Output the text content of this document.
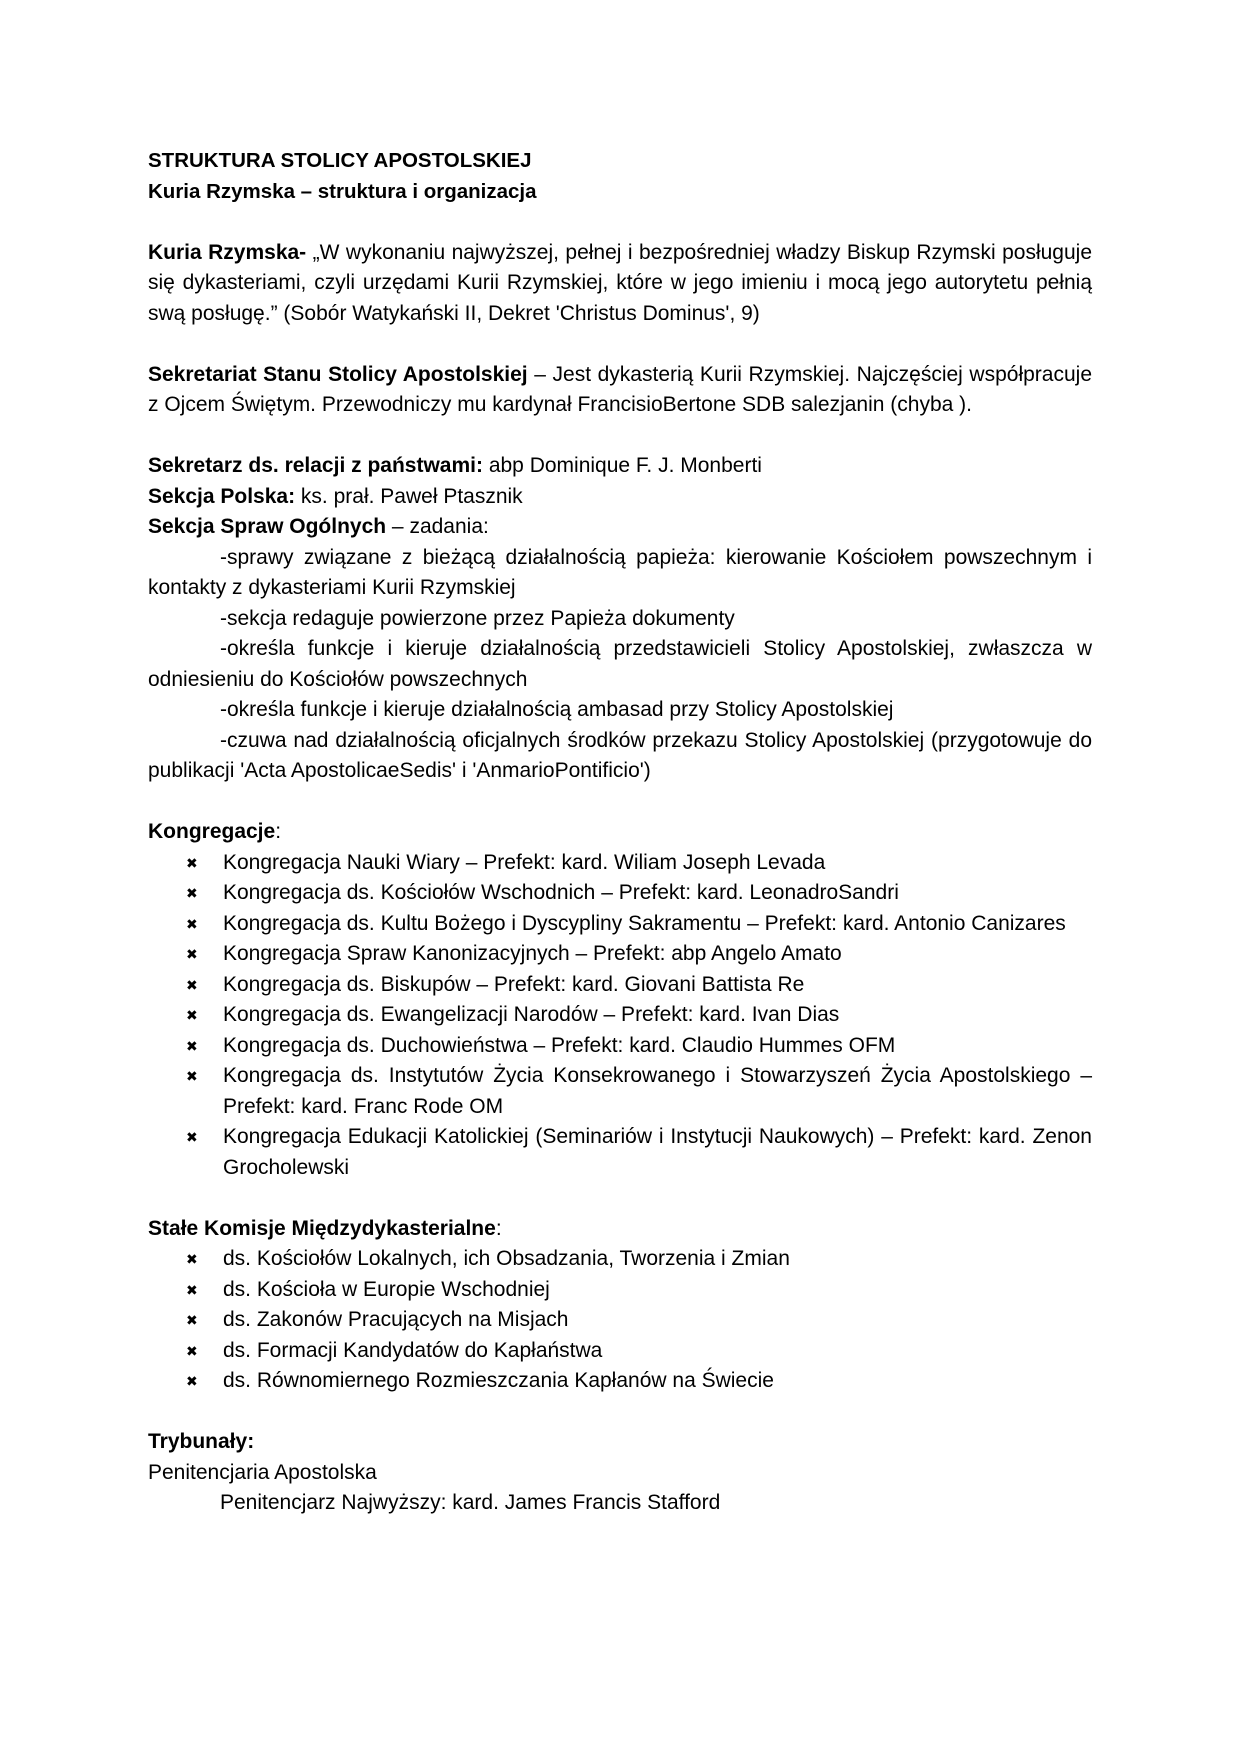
STRUKTURA STOLICY APOSTOLSKIEJ

Kuria Rzymska – struktura i organizacja

Kuria Rzymska- „W wykonaniu najwyższej, pełnej i bezpośredniej władzy Biskup Rzymski posługuje się dykasteriami, czyli urzędami Kurii Rzymskiej, które w jego imieniu i mocą jego autorytetu pełnią swą posługę.” (Sobór Watykański II, Dekret 'Christus Dominus', 9)

Sekretariat Stanu Stolicy Apostolskiej – Jest dykasterią Kurii Rzymskiej. Najczęściej współpracuje z Ojcem Świętym. Przewodniczy mu kardynał FrancisioBertone SDB salezjanin (chyba ).

Sekretarz ds. relacji z państwami: abp Dominique F. J. Monberti

Sekcja Polska: ks. prał. Paweł Ptasznik

Sekcja Spraw Ogólnych – zadania:

-sprawy związane z bieżącą działalnością papieża: kierowanie Kościołem powszechnym i kontakty z dykasteriami Kurii Rzymskiej

-sekcja redaguje powierzone przez Papieża dokumenty

-określa funkcje i kieruje działalnością przedstawicieli Stolicy Apostolskiej, zwłaszcza w odniesieniu do Kościołów powszechnych

-określa funkcje i kieruje działalnością ambasad przy Stolicy Apostolskiej

-czuwa nad działalnością oficjalnych środków przekazu Stolicy Apostolskiej (przygotowuje do publikacji 'Acta ApostolicaeSedis' i 'AnmarioPontificio')

Kongregacje:

✖ Kongregacja Nauki Wiary – Prefekt: kard. Wiliam Joseph Levada
✖ Kongregacja ds. Kościołów Wschodnich – Prefekt: kard. LeonadroSandri
✖ Kongregacja ds. Kultu Bożego i Dyscypliny Sakramentu – Prefekt: kard. Antonio Canizares
✖ Kongregacja Spraw Kanonizacyjnych – Prefekt: abp Angelo Amato
✖ Kongregacja ds. Biskupów – Prefekt: kard. Giovani Battista Re
✖ Kongregacja ds. Ewangelizacji Narodów – Prefekt: kard. Ivan Dias
✖ Kongregacja ds. Duchowieństwa – Prefekt: kard. Claudio Hummes OFM
✖ Kongregacja ds. Instytutów Życia Konsekrowanego i Stowarzyszeń Życia Apostolskiego – Prefekt: kard. Franc Rode OM
✖ Kongregacja Edukacji Katolickiej (Seminariów i Instytucji Naukowych) – Prefekt: kard. Zenon Grocholewski

Stałe Komisje Międzydykasterialne:

✖ ds. Kościołów Lokalnych, ich Obsadzania, Tworzenia i Zmian
✖ ds. Kościoła w Europie Wschodniej
✖ ds. Zakonów Pracujących na Misjach
✖ ds. Formacji Kandydatów do Kapłaństwa
✖ ds. Równomiernego Rozmieszczania Kapłanów na Świecie

Trybunały:

Penitencjaria Apostolska

Penitencjarz Najwyższy: kard. James Francis Stafford
